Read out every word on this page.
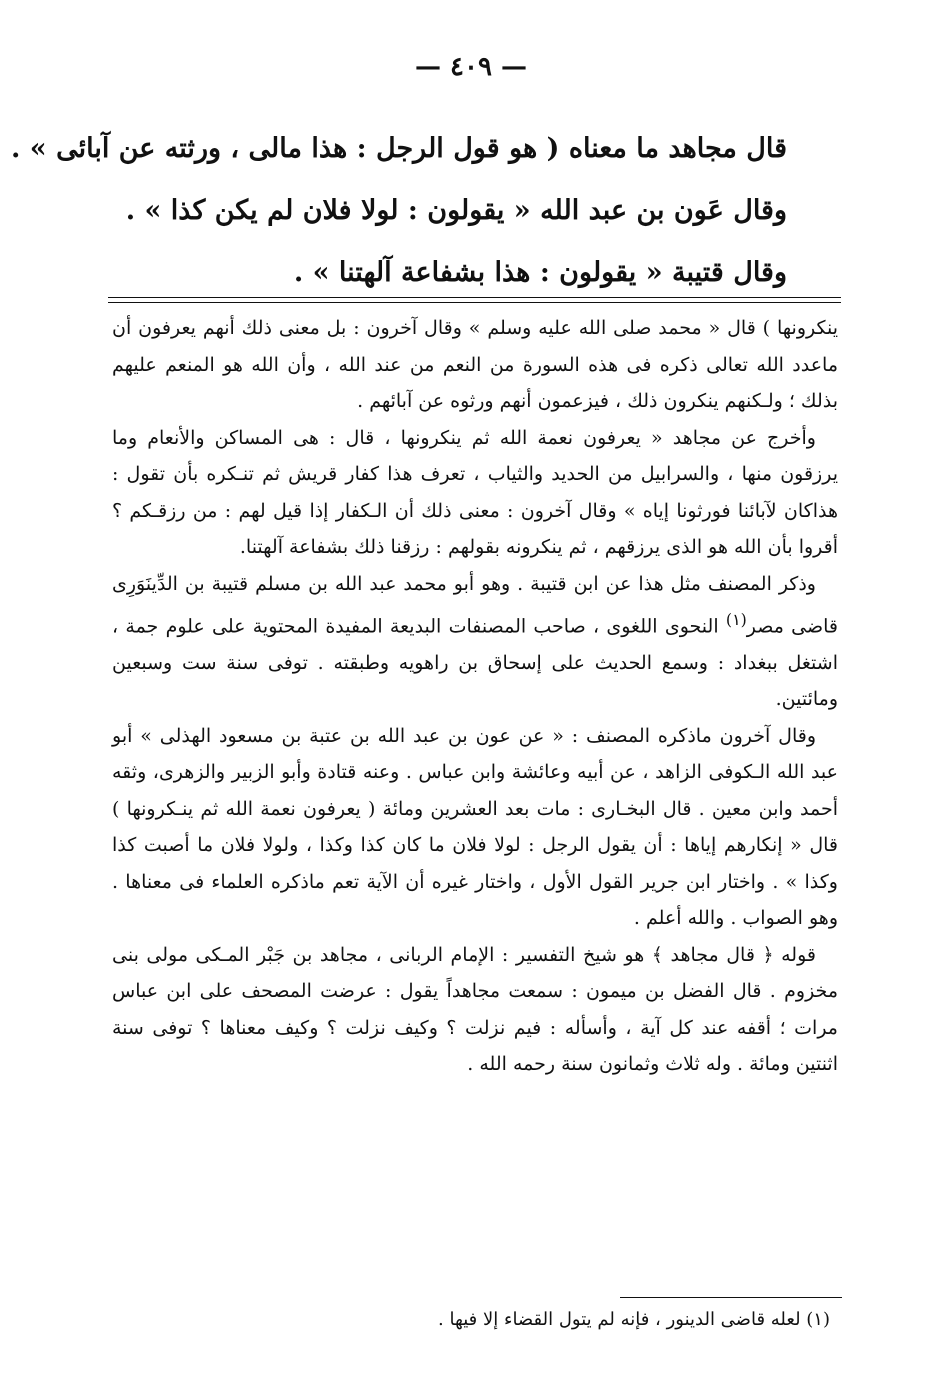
— ٤٠٩ —

قال مجاهد ما معناه ( هو قول الرجل : هذا مالى ، ورثته عن آبائى » .

وقال عَون بن عبد الله « يقولون : لولا فلان لم يكن كذا » .

وقال قتيبة « يقولون : هذا بشفاعة آلهتنا » .

ينكرونها ) قال « محمد صلى الله عليه وسلم » وقال آخرون : بل معنى ذلك أنهم يعرفون أن ماعدد الله تعالى ذكره فى هذه السورة من النعم من عند الله ، وأن الله هو المنعم عليهم بذلك ؛ ولـكنهم ينكرون ذلك ، فيزعمون أنهم ورثوه عن آبائهم .

وأخرج عن مجاهد « يعرفون نعمة الله ثم ينكرونها ، قال : هى المساكن والأنعام وما يرزقون منها ، والسرابيل من الحديد والثياب ، تعرف هذا كفار قريش ثم تنـكره بأن تقول : هذاكان لآبائنا فورثونا إياه » وقال آخرون : معنى ذلك أن الـكفار إذا قيل لهم : من رزقـكم ؟ أقروا بأن الله هو الذى يرزقهم ، ثم ينكرونه بقولهم : رزقنا ذلك بشفاعة آلهتنا.

وذكر المصنف مثل هذا عن ابن قتيبة . وهو أبو محمد عبد الله بن مسلم قتيبة بن الدِّينَوَرِى قاضى مصر$^{(١)}$ النحوى اللغوى ، صاحب المصنفات البديعة المفيدة المحتوية على علوم جمة ، اشتغل ببغداد : وسمع الحديث على إسحاق بن راهويه وطبقته . توفى سنة ست وسبعين ومائتين.

وقال آخرون ماذكره المصنف : « عن عون بن عبد الله بن عتبة بن مسعود الهذلى » أبو عبد الله الـكوفى الزاهد ، عن أبيه وعائشة وابن عباس . وعنه قتادة وأبو الزبير والزهرى، وثقه أحمد وابن معين . قال البخـارى : مات بعد العشرين ومائة ( يعرفون نعمة الله ثم ينـكرونها ) قال « إنكارهم إياها : أن يقول الرجل : لولا فلان ما كان كذا وكذا ، ولولا فلان ما أصبت كذا وكذا » . واختار ابن جرير القول الأول ، واختار غيره أن الآية تعم ماذكره العلماء فى معناها . وهو الصواب . والله أعلم .

قوله ﴿ قال مجاهد ﴾ هو شيخ التفسير : الإمام الربانى ، مجاهد بن جَبْر المـكى مولى بنى مخزوم . قال الفضل بن ميمون : سمعت مجاهداً يقول : عرضت المصحف على ابن عباس مرات ؛ أقفه عند كل آية ، وأسأله : فيم نزلت ؟ وكيف نزلت ؟ وكيف معناها ؟ توفى سنة اثنتين ومائة . وله ثلاث وثمانون سنة رحمه الله .

(١) لعله قاضى الدينور ، فإنه لم يتول القضاء إلا فيها .
